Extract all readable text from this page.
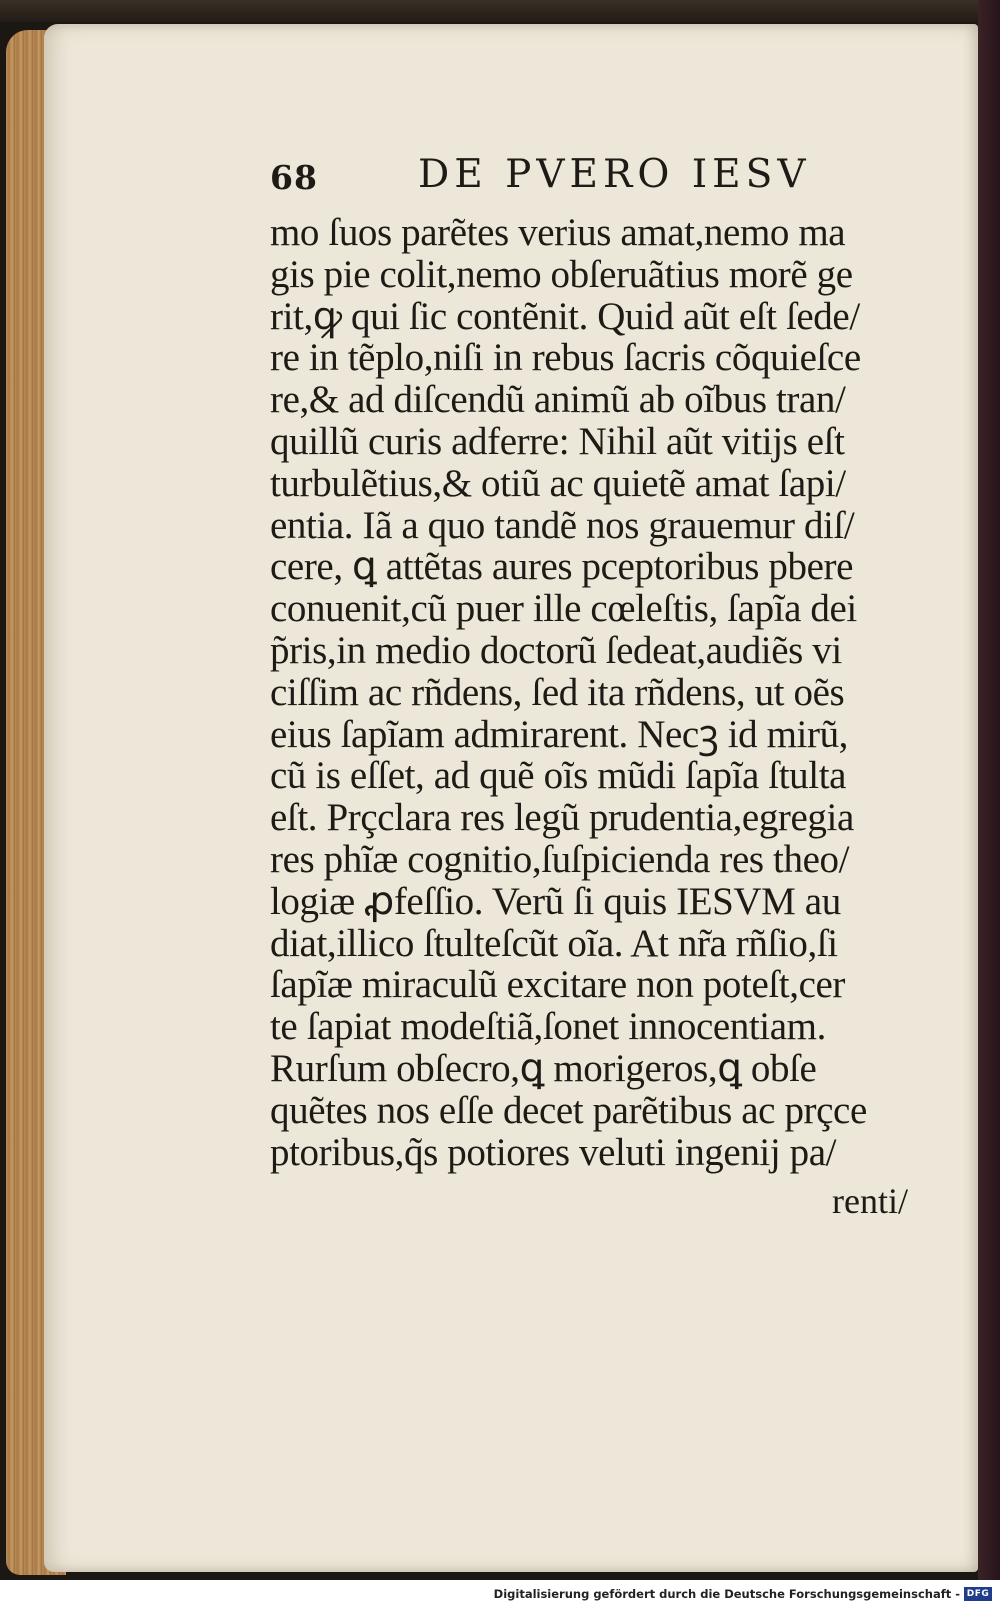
68	DE PVERO IESV
mo ſuos parẽtes verius amat,nemo ma
gis pie colit,nemo obſeruãtius morẽ ge
rit,ꝙ qui ſic contẽnit. Quid aũt eſt ſede/
re in tẽplo,niſi in rebus ſacris cõquieſce
re,& ad diſcendũ animũ ab oĩbus tran/
quillũ curis adferre: Nihil aũt vitijs eſt
turbulẽtius,& otiũ ac quietẽ amat ſapi/
entia. Iã a quo tandẽ nos grauemur diſ/
cere, ꝗ attẽtas aures pceptoribus pbere
conuenit,cũ puer ille cœleſtis, ſapĩa dei
p̃ris,in medio doctorũ ſedeat,audiẽs vi
ciſſim ac rñdens, ſed ita rñdens, ut oẽs
eius ſapĩam admirarent. Necꝫ id mirũ,
cũ is eſſet, ad quẽ oĩs mũdi ſapĩa ſtulta
eſt. Prçclara res legũ prudentia,egregia
res phĩæ cognitio,ſuſpicienda res theo/
logiæ ꝓfeſſio. Verũ ſi quis IESVM au
diat,illico ſtulteſcũt oĩa. At nr̃a rñſio,ſi
ſapĩæ miraculũ excitare non poteſt,cer
te ſapiat modeſtiã,ſonet innocentiam.
Rurſum obſecro,ꝗ morigeros,ꝗ obſe
quẽtes nos eſſe decet parẽtibus ac prçce
ptoribus,q̃s potiores veluti ingenij pa/
renti/
Digitalisierung gefördert durch die Deutsche Forschungsgemeinschaft - DFG
